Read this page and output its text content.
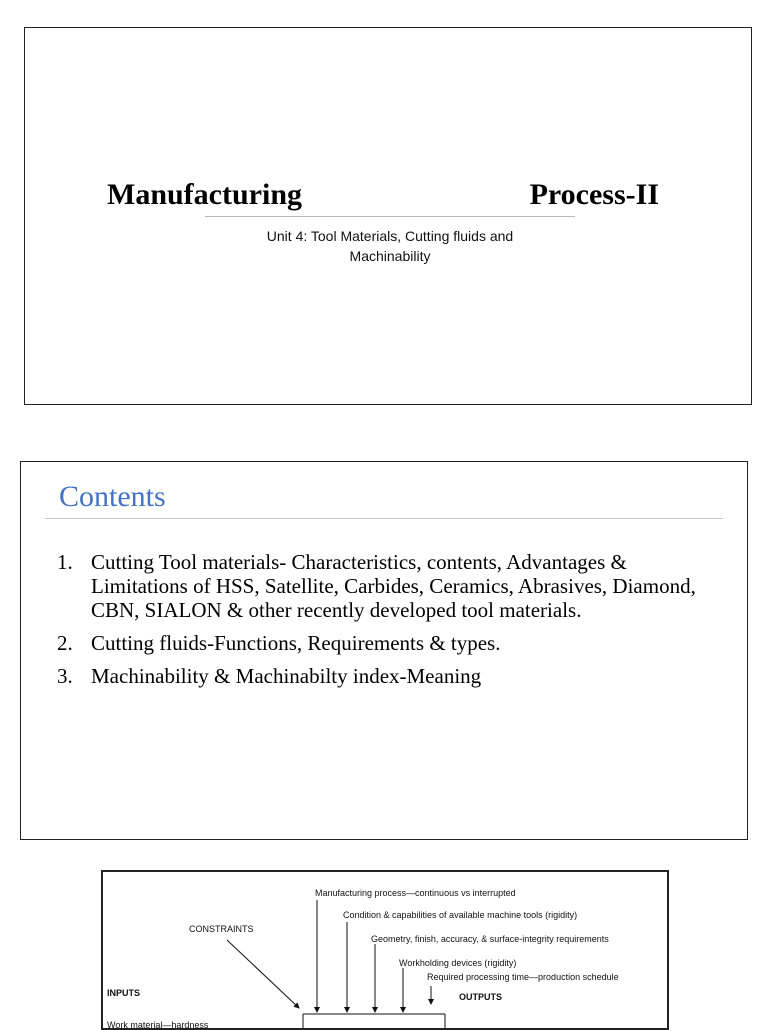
Manufacturing	Process-II
Unit 4: Tool Materials, Cutting fluids and
Machinability
Contents
1. Cutting Tool materials- Characteristics, contents, Advantages & Limitations of HSS, Satellite, Carbides, Ceramics, Abrasives, Diamond, CBN, SIALON & other recently developed tool materials.
2. Cutting fluids-Functions, Requirements & types.
3. Machinability & Machinabilty index-Meaning
Manufacturing process—continuous vs interrupted
Condition & capabilities of available machine tools (rigidity)
Geometry, finish, accuracy, & surface-integrity requirements
Workholding devices (rigidity)
Required processing time—production schedule
CONSTRAINTS
INPUTS	OUTPUTS
Work material—hardness
